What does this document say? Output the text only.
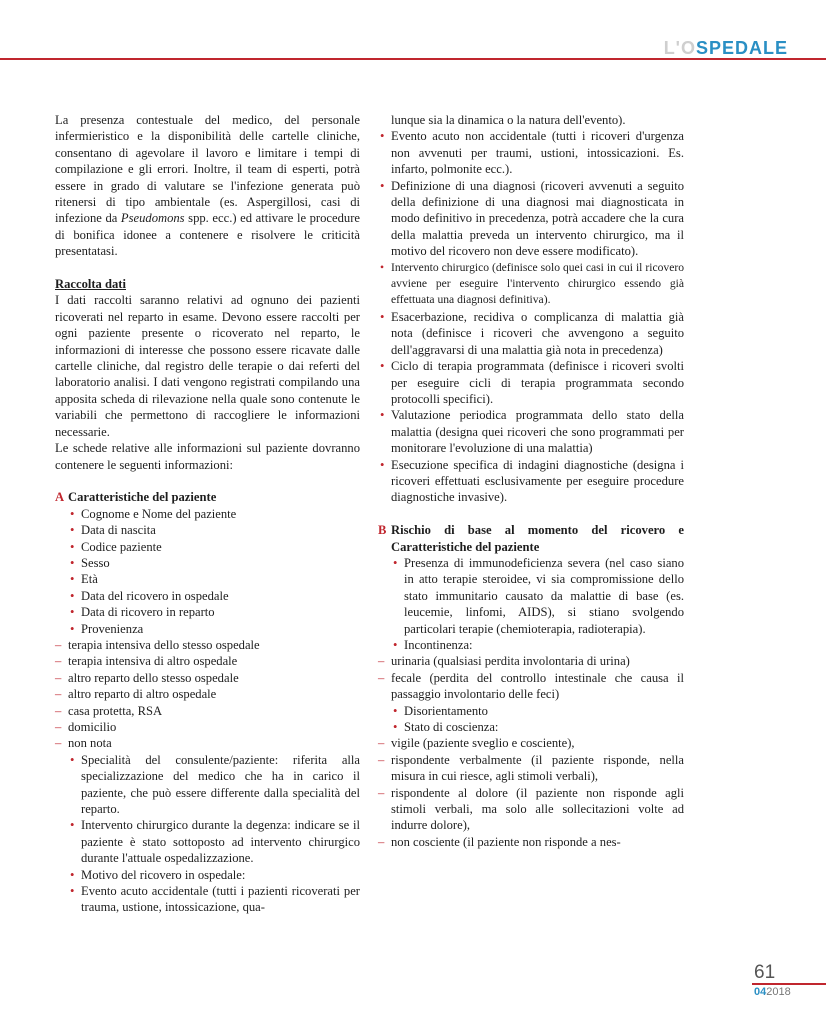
L'OSPEDALE

La presenza contestuale del medico, del personale infermieristico e la disponibilità delle cartelle cliniche, consentano di agevolare il lavoro e limitare i tempi di compilazione e gli errori. Inoltre, il team di esperti, potrà essere in grado di valutare se l'infezione generata può ritenersi di tipo ambientale (es. Aspergillosi, casi di infezione da Pseudomons spp. ecc.) ed attivare le procedure di bonifica idonee a contenere e risolvere le criticità presentatasi.

Raccolta dati

I dati raccolti saranno relativi ad ognuno dei pazienti ricoverati nel reparto in esame. Devono essere raccolti per ogni paziente presente o ricoverato nel reparto, le informazioni di interesse che possono essere ricavate dalle cartelle cliniche, dal registro delle terapie o dai referti del laboratorio analisi. I dati vengono registrati compilando una apposita scheda di rilevazione nella quale sono contenute le variabili che permettono di raccogliere le informazioni necessarie.

Le schede relative alle informazioni sul paziente dovranno contenere le seguenti informazioni:

A Caratteristiche del paziente

• Cognome e Nome del paziente
• Data di nascita
• Codice paziente
• Sesso
• Età
• Data del ricovero in ospedale
• Data di ricovero in reparto
• Provenienza
– terapia intensiva dello stesso ospedale
– terapia intensiva di altro ospedale
– altro reparto dello stesso ospedale
– altro reparto di altro ospedale
– casa protetta, RSA
– domicilio
– non nota
• Specialità del consulente/paziente: riferita alla specializzazione del medico che ha in carico il paziente, che può essere differente dalla specialità del reparto.
• Intervento chirurgico durante la degenza: indicare se il paziente è stato sottoposto ad intervento chirurgico durante l'attuale ospedalizzazione.
• Motivo del ricovero in ospedale:
• Evento acuto accidentale (tutti i pazienti ricoverati per trauma, ustione, intossicazione, qua-

lunque sia la dinamica o la natura dell'evento).

• Evento acuto non accidentale (tutti i ricoveri d'urgenza non avvenuti per traumi, ustioni, intossicazioni. Es. infarto, polmonite ecc.).
• Definizione di una diagnosi (ricoveri avvenuti a seguito della definizione di una diagnosi mai diagnosticata in modo definitivo in precedenza, potrà accadere che la cura della malattia preveda un intervento chirurgico, ma il motivo del ricovero non deve essere modificato).
• Intervento chirurgico (definisce solo quei casi in cui il ricovero avviene per eseguire l'intervento chirurgico essendo già effettuata una diagnosi definitiva).
• Esacerbazione, recidiva o complicanza di malattia già nota (definisce i ricoveri che avvengono a seguito dell'aggravarsi di una malattia già nota in precedenza)
• Ciclo di terapia programmata (definisce i ricoveri svolti per eseguire cicli di terapia programmata secondo protocolli specifici).
• Valutazione periodica programmata dello stato della malattia (designa quei ricoveri che sono programmati per monitorare l'evoluzione di una malattia)
• Esecuzione specifica di indagini diagnostiche (designa i ricoveri effettuati esclusivamente per eseguire procedure diagnostiche invasive).

B Rischio di base al momento del ricovero e Caratteristiche del paziente

• Presenza di immunodeficienza severa (nel caso siano in atto terapie steroidee, vi sia compromissione dello stato immunitario causato da malattie di base (es. leucemie, linfomi, AIDS), si stiano svolgendo particolari terapie (chemioterapia, radioterapia).
• Incontinenza:
– urinaria (qualsiasi perdita involontaria di urina)
– fecale (perdita del controllo intestinale che causa il passaggio involontario delle feci)
• Disorientamento
• Stato di coscienza:
– vigile (paziente sveglio e cosciente),
– rispondente verbalmente (il paziente risponde, nella misura in cui riesce, agli stimoli verbali),
– rispondente al dolore (il paziente non risponde agli stimoli verbali, ma solo alle sollecitazioni volte ad indurre dolore),
– non cosciente (il paziente non risponde a nes-
61
042018
